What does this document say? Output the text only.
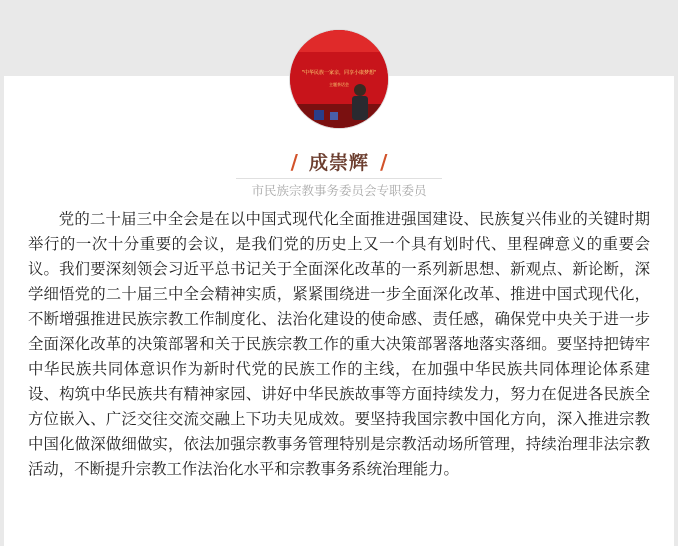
"中华民族一家亲，同享小康梦想"
主题茶话会
/ 成崇辉 /
市民族宗教事务委员会专职委员

党的二十届三中全会是在以中国式现代化全面推进强国建设、民族复兴伟业的关键时期举行的一次十分重要的会议，是我们党的历史上又一个具有划时代、里程碑意义的重要会议。我们要深刻领会习近平总书记关于全面深化改革的一系列新思想、新观点、新论断，深学细悟党的二十届三中全会精神实质，紧紧围绕进一步全面深化改革、推进中国式现代化，不断增强推进民族宗教工作制度化、法治化建设的使命感、责任感，确保党中央关于进一步全面深化改革的决策部署和关于民族宗教工作的重大决策部署落地落实落细。要坚持把铸牢中华民族共同体意识作为新时代党的民族工作的主线，在加强中华民族共同体理论体系建设、构筑中华民族共有精神家园、讲好中华民族故事等方面持续发力，努力在促进各民族全方位嵌入、广泛交往交流交融上下功夫见成效。要坚持我国宗教中国化方向，深入推进宗教中国化做深做细做实，依法加强宗教事务管理特别是宗教活动场所管理，持续治理非法宗教活动，不断提升宗教工作法治化水平和宗教事务系统治理能力。
